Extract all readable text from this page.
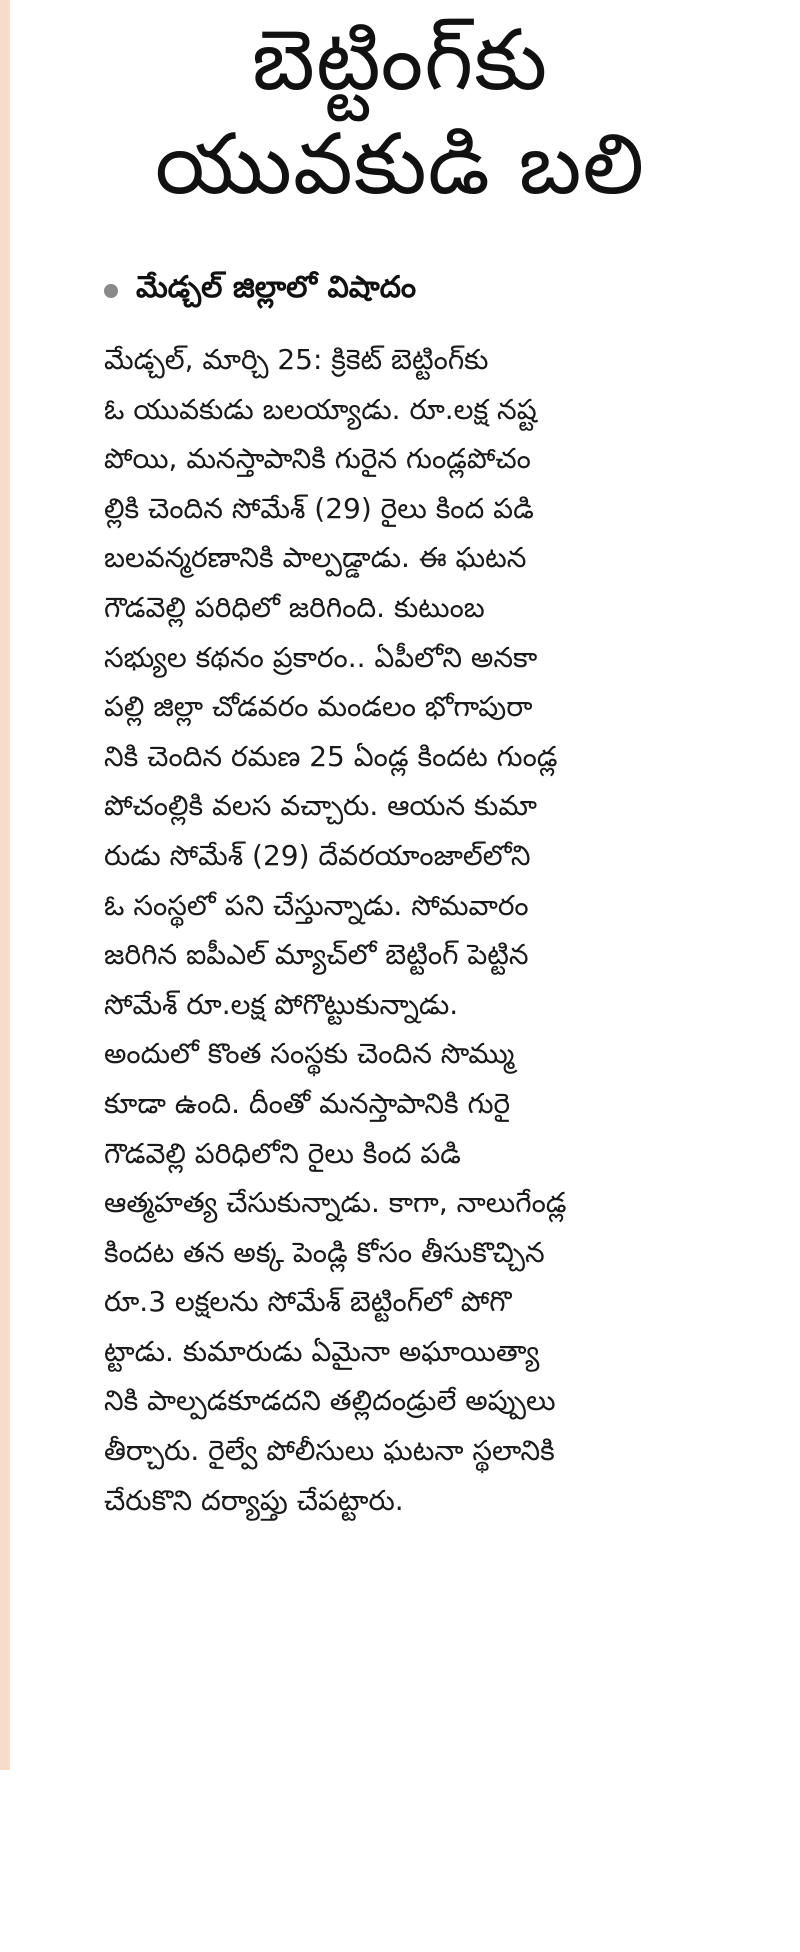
బెట్టింగ్‌కు
యువకుడి బలి
మేడ్చల్ జిల్లాలో విషాదం
మేడ్చల్, మార్చి 25: క్రికెట్ బెట్టింగ్‌కు
ఓ యువకుడు బలయ్యాడు. రూ.లక్ష నష్ట
పోయి, మనస్తాపానికి గురైన గుండ్లపోచం
ల్లికి చెందిన సోమేశ్ (29) రైలు కింద పడి
బలవన్మరణానికి పాల్పడ్డాడు. ఈ ఘటన
గౌడవెల్లి పరిధిలో జరిగింది. కుటుంబ
సభ్యుల కథనం ప్రకారం.. ఏపీలోని అనకా
పల్లి జిల్లా చోడవరం మండలం భోగాపురా
నికి చెందిన రమణ 25 ఏండ్ల కిందట గుండ్ల
పోచంల్లికి వలస వచ్చారు. ఆయన కుమా
రుడు సోమేశ్ (29) దేవరయాంజాల్‌లోని
ఓ సంస్థలో పని చేస్తున్నాడు. సోమవారం
జరిగిన ఐపీఎల్ మ్యాచ్‌లో బెట్టింగ్ పెట్టిన
సోమేశ్ రూ.లక్ష పోగొట్టుకున్నాడు.
అందులో కొంత సంస్థకు చెందిన సొమ్ము
కూడా ఉంది. దీంతో మనస్తాపానికి గురై
గౌడవెల్లి పరిధిలోని రైలు కింద పడి
ఆత్మహత్య చేసుకున్నాడు. కాగా, నాలుగేండ్ల
కిందట తన అక్క పెండ్లి కోసం తీసుకొచ్చిన
రూ.3 లక్షలను సోమేశ్ బెట్టింగ్‌లో పోగొ
ట్టాడు. కుమారుడు ఏమైనా అఘాయిత్యా
నికి పాల్పడకూడదని తల్లిదండ్రులే అప్పులు
తీర్చారు. రైల్వే పోలీసులు ఘటనా స్థలానికి
చేరుకొని దర్యాప్తు చేపట్టారు.
